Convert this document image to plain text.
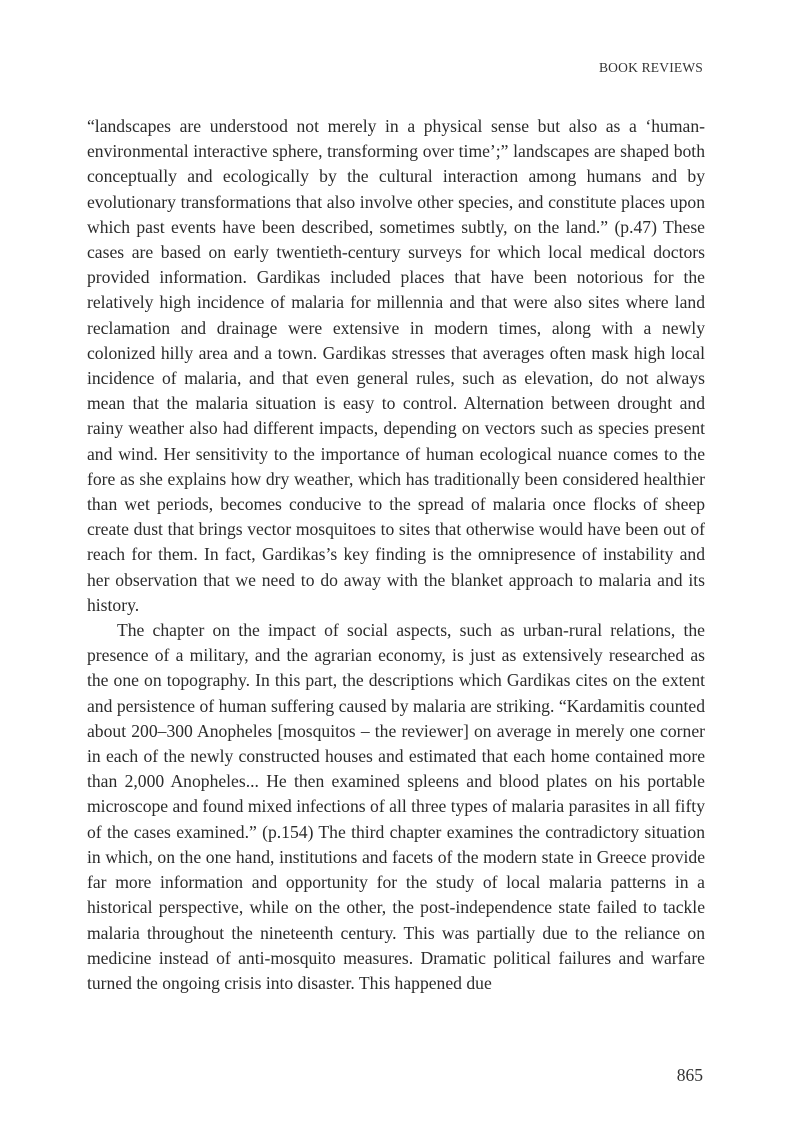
BOOK REVIEWS

“landscapes are understood not merely in a physical sense but also as a ‘human-environmental interactive sphere, transforming over time’;” landscapes are shaped both conceptually and ecologically by the cultural interaction among humans and by evolutionary transformations that also involve other species, and constitute places upon which past events have been described, sometimes subtly, on the land.” (p.47) These cases are based on early twentieth-century surveys for which local medical doctors provided information. Gardikas included places that have been notorious for the relatively high incidence of malaria for millennia and that were also sites where land reclamation and drainage were extensive in modern times, along with a newly colonized hilly area and a town. Gardikas stresses that averages often mask high local incidence of malaria, and that even general rules, such as elevation, do not always mean that the malaria situation is easy to control. Alternation between drought and rainy weather also had different impacts, depending on vectors such as species present and wind. Her sensitivity to the importance of human ecological nuance comes to the fore as she explains how dry weather, which has traditionally been considered healthier than wet periods, becomes conducive to the spread of malaria once flocks of sheep create dust that brings vector mosquitoes to sites that otherwise would have been out of reach for them. In fact, Gardikas’s key finding is the omnipresence of instability and her observation that we need to do away with the blanket approach to malaria and its history.

The chapter on the impact of social aspects, such as urban-rural relations, the presence of a military, and the agrarian economy, is just as extensively researched as the one on topography. In this part, the descriptions which Gardikas cites on the extent and persistence of human suffering caused by malaria are striking. “Kardamitis counted about 200–300 Anopheles [mosquitos – the reviewer] on average in merely one corner in each of the newly constructed houses and estimated that each home contained more than 2,000 Anopheles... He then examined spleens and blood plates on his portable microscope and found mixed infections of all three types of malaria parasites in all fifty of the cases examined.” (p.154) The third chapter examines the contradictory situation in which, on the one hand, institutions and facets of the modern state in Greece provide far more information and opportunity for the study of local malaria patterns in a historical perspective, while on the other, the post-independence state failed to tackle malaria throughout the nineteenth century. This was partially due to the reliance on medicine instead of anti-mosquito measures. Dramatic political failures and warfare turned the ongoing crisis into disaster. This happened due

865
